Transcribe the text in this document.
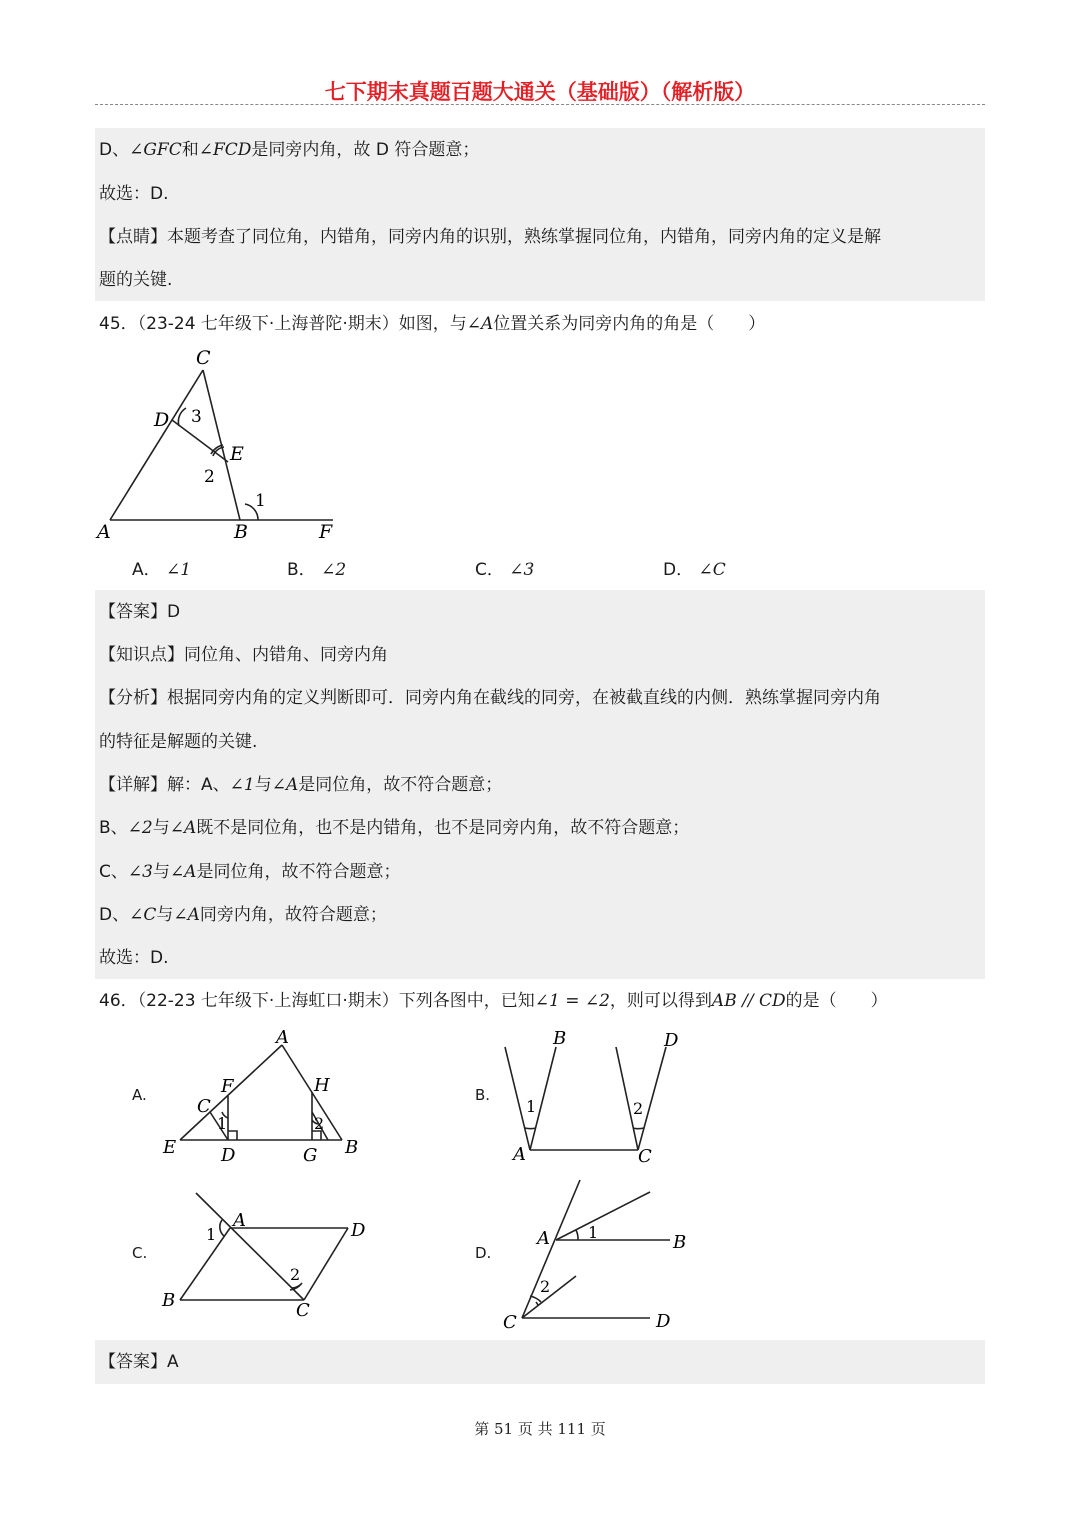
七下期末真题百题大通关（基础版）（解析版）
D、∠GFC和∠FCD是同旁内角，故 D 符合题意；
故选：D.
【点睛】本题考查了同位角，内错角，同旁内角的识别，熟练掌握同位角，内错角，同旁内角的定义是解
题的关键.
45．（23-24 七年级下·上海普陀·期末）如图，与∠A位置关系为同旁内角的角是（　　）
C
D
E
A	B	F
1
2
3
A． ∠1	B． ∠2	C． ∠3	D． ∠C
【答案】D
【知识点】同位角、内错角、同旁内角
【分析】根据同旁内角的定义判断即可．同旁内角在截线的同旁，在被截直线的内侧．熟练掌握同旁内角
的特征是解题的关键.
【详解】解：A、∠1与∠A是同位角，故不符合题意；
B、∠2与∠A既不是同位角，也不是内错角，也不是同旁内角，故不符合题意；
C、∠3与∠A是同位角，故不符合题意；
D、∠C与∠A同旁内角，故符合题意；
故选：D.
46．（22-23 七年级下·上海虹口·期末）下列各图中，已知∠1 = ∠2，则可以得到AB // CD的是（　　）
A.	B.
C.	D.
A
F	H
C
E D	G B
1	2
B	D
A	C
1	2
A	D
B	C
1
2
A	B
C	D
1
2
【答案】A
第 51 页 共 111 页
